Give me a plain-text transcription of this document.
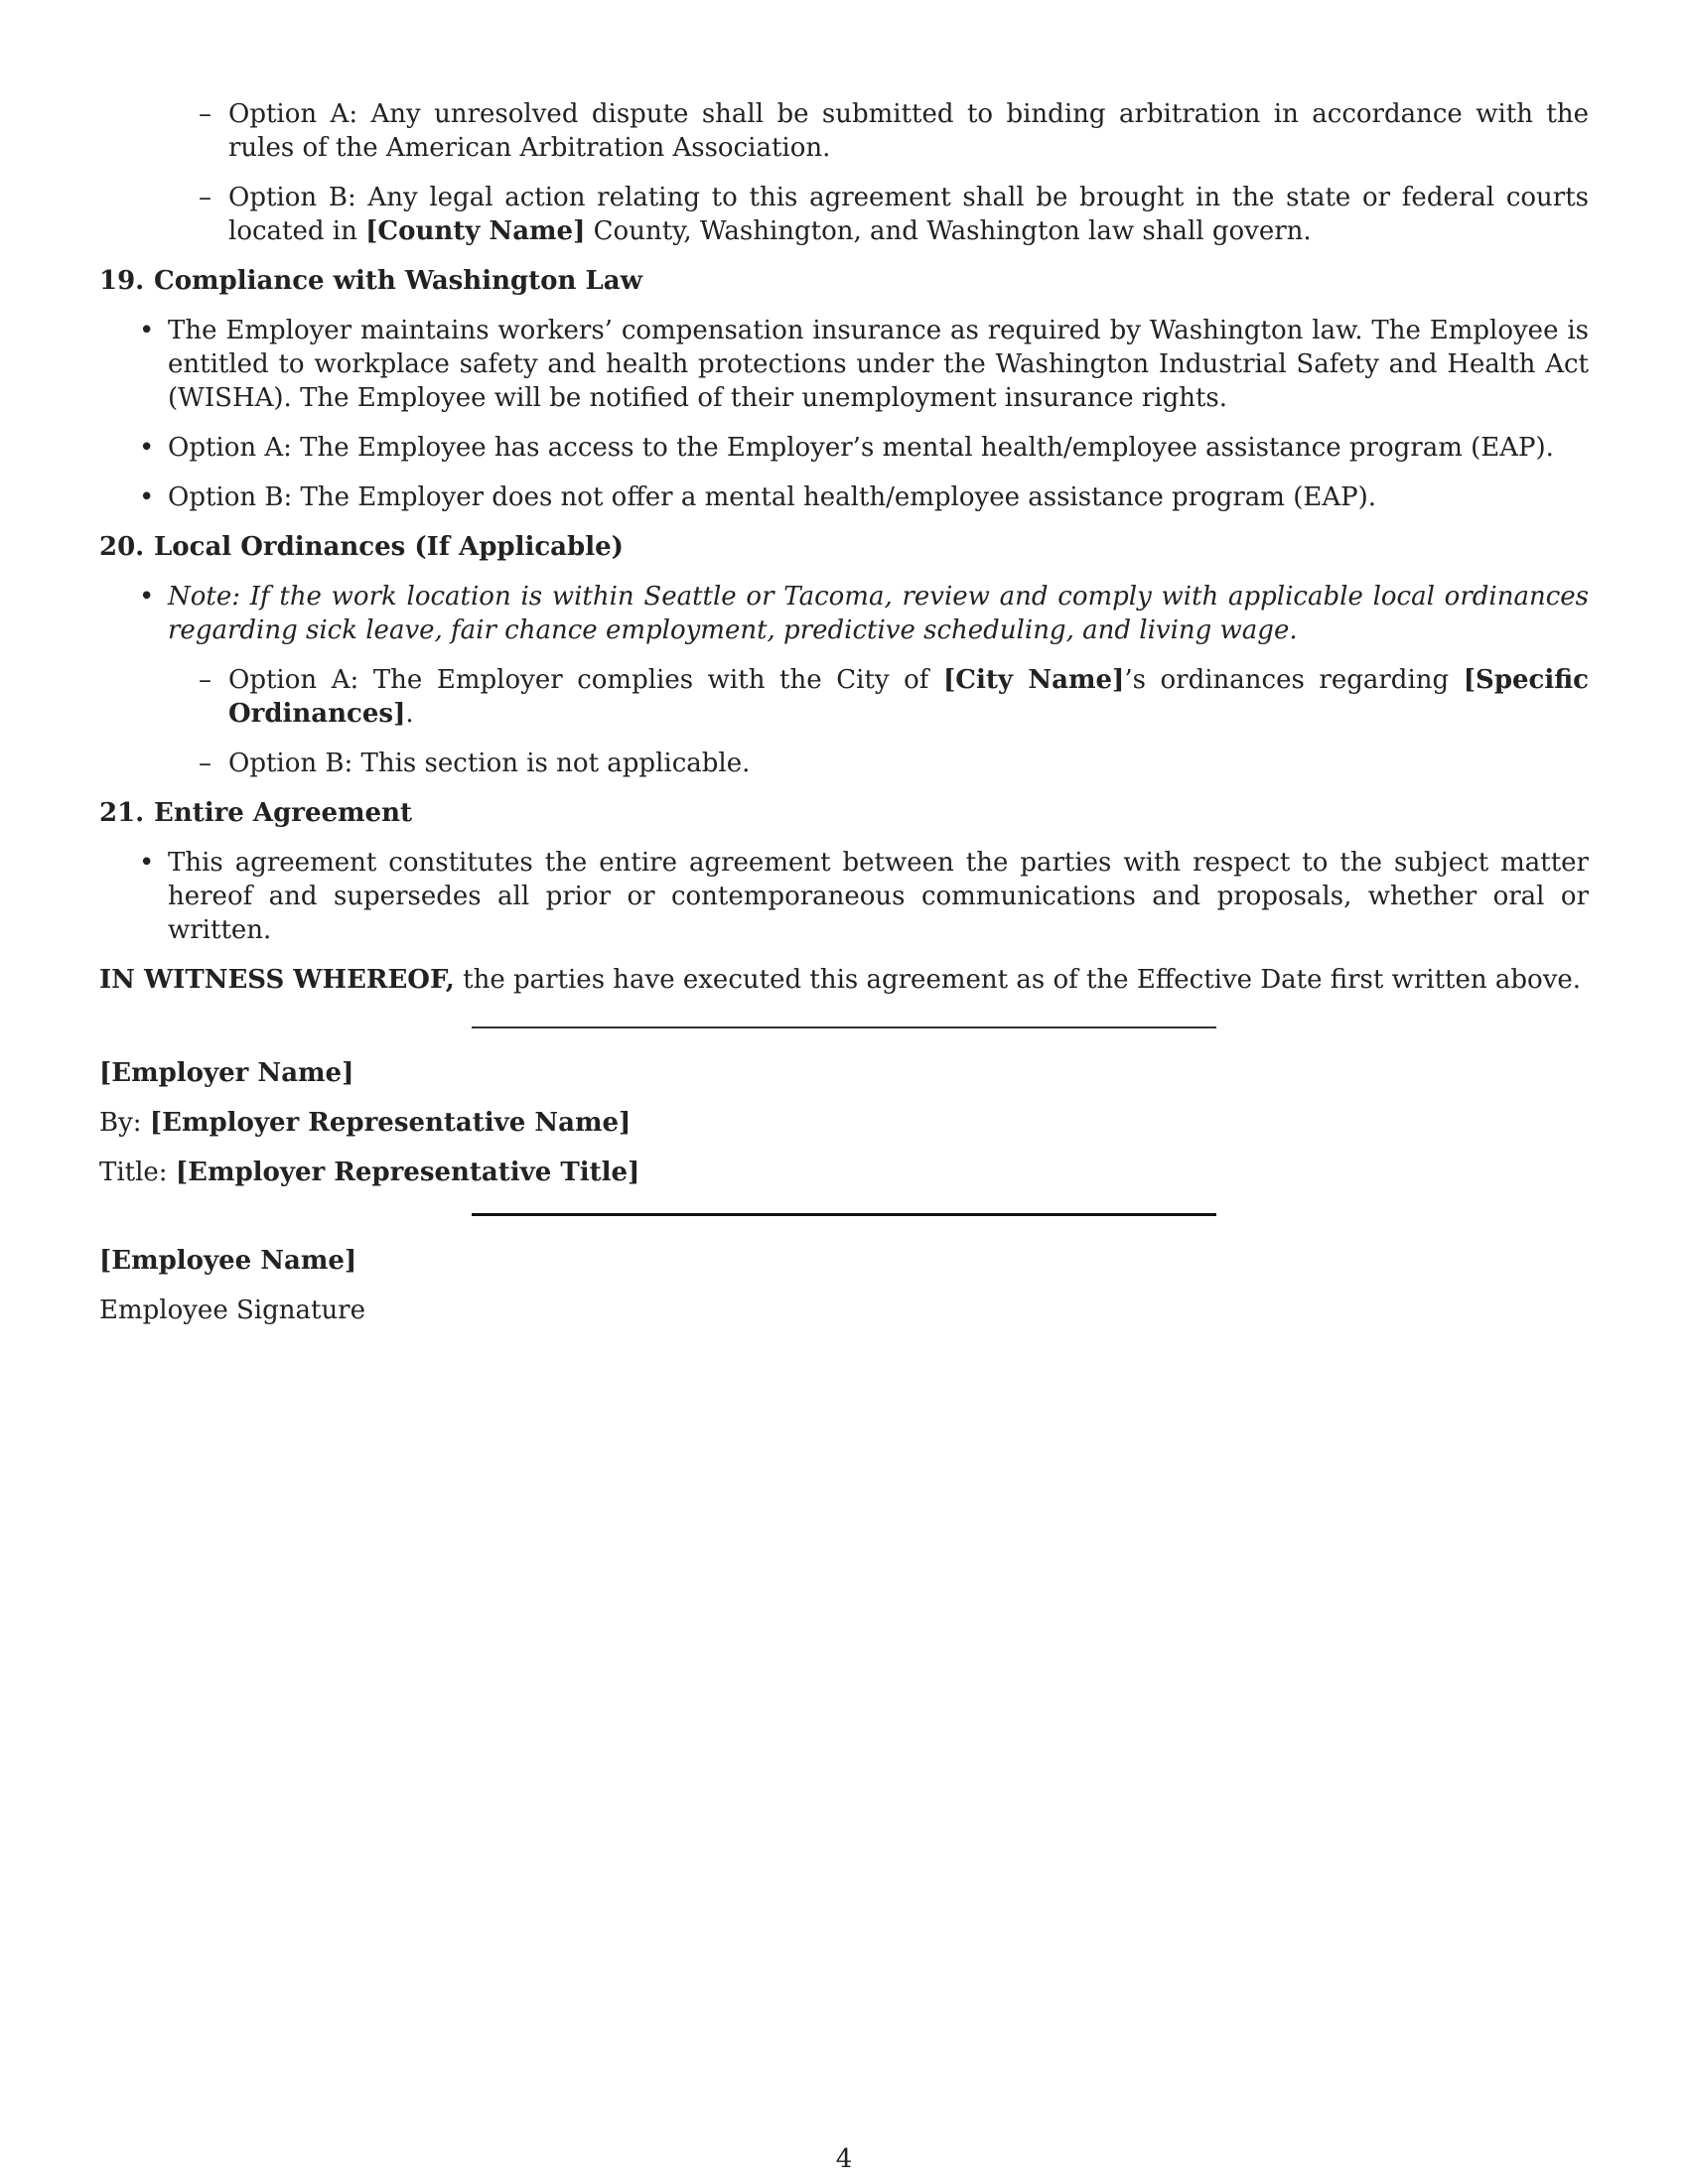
– Option A: Any unresolved dispute shall be submitted to binding arbitration in accordance with the rules of the American Arbitration Association.
– Option B: Any legal action relating to this agreement shall be brought in the state or federal courts located in [County Name] County, Washington, and Washington law shall govern.
19. Compliance with Washington Law
• The Employer maintains workers’ compensation insurance as required by Washington law. The Employee is entitled to workplace safety and health protections under the Washington Industrial Safety and Health Act (WISHA). The Employee will be notified of their unemployment insurance rights.
• Option A: The Employee has access to the Employer’s mental health/employee assistance program (EAP).
• Option B: The Employer does not offer a mental health/employee assistance program (EAP).
20. Local Ordinances (If Applicable)
• Note: If the work location is within Seattle or Tacoma, review and comply with applicable local ordinances regarding sick leave, fair chance employment, predictive scheduling, and living wage.
– Option A: The Employer complies with the City of [City Name]’s ordinances regarding [Specific Ordinances].
– Option B: This section is not applicable.
21. Entire Agreement
• This agreement constitutes the entire agreement between the parties with respect to the subject matter hereof and supersedes all prior or contemporaneous communications and proposals, whether oral or written.

IN WITNESS WHEREOF, the parties have executed this agreement as of the Effective Date first written above.

[Employer Name]

By: [Employer Representative Name]

Title: [Employer Representative Title]

[Employee Name]

Employee Signature

4
